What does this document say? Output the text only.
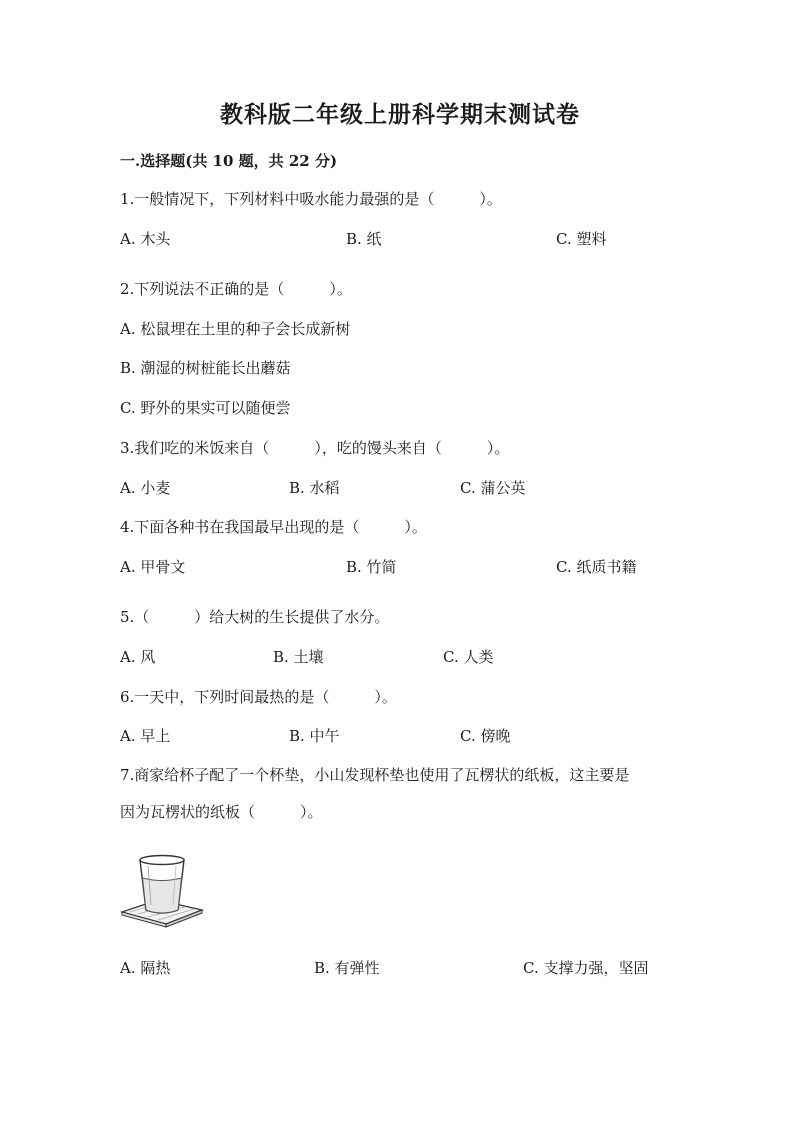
教科版二年级上册科学期末测试卷
一.选择题(共 10 题，共 22 分)
1.一般情况下，下列材料中吸水能力最强的是（　　　）。
A. 木头	B. 纸	C. 塑料
2.下列说法不正确的是（　　　）。
A. 松鼠埋在土里的种子会长成新树
B. 潮湿的树桩能长出蘑菇
C. 野外的果实可以随便尝
3.我们吃的米饭来自（　　　），吃的馒头来自（　　　）。
A. 小麦	B. 水稻	C. 蒲公英
4.下面各种书在我国最早出现的是（　　　）。
A. 甲骨文	B. 竹简	C. 纸质书籍
5.（　　　）给大树的生长提供了水分。
A. 风	B. 土壤	C. 人类
6.一天中，下列时间最热的是（　　　）。
A. 早上	B. 中午	C. 傍晚
7.商家给杯子配了一个杯垫，小山发现杯垫也使用了瓦楞状的纸板，这主要是
因为瓦楞状的纸板（　　　）。
A. 隔热	B. 有弹性	C. 支撑力强，坚固
